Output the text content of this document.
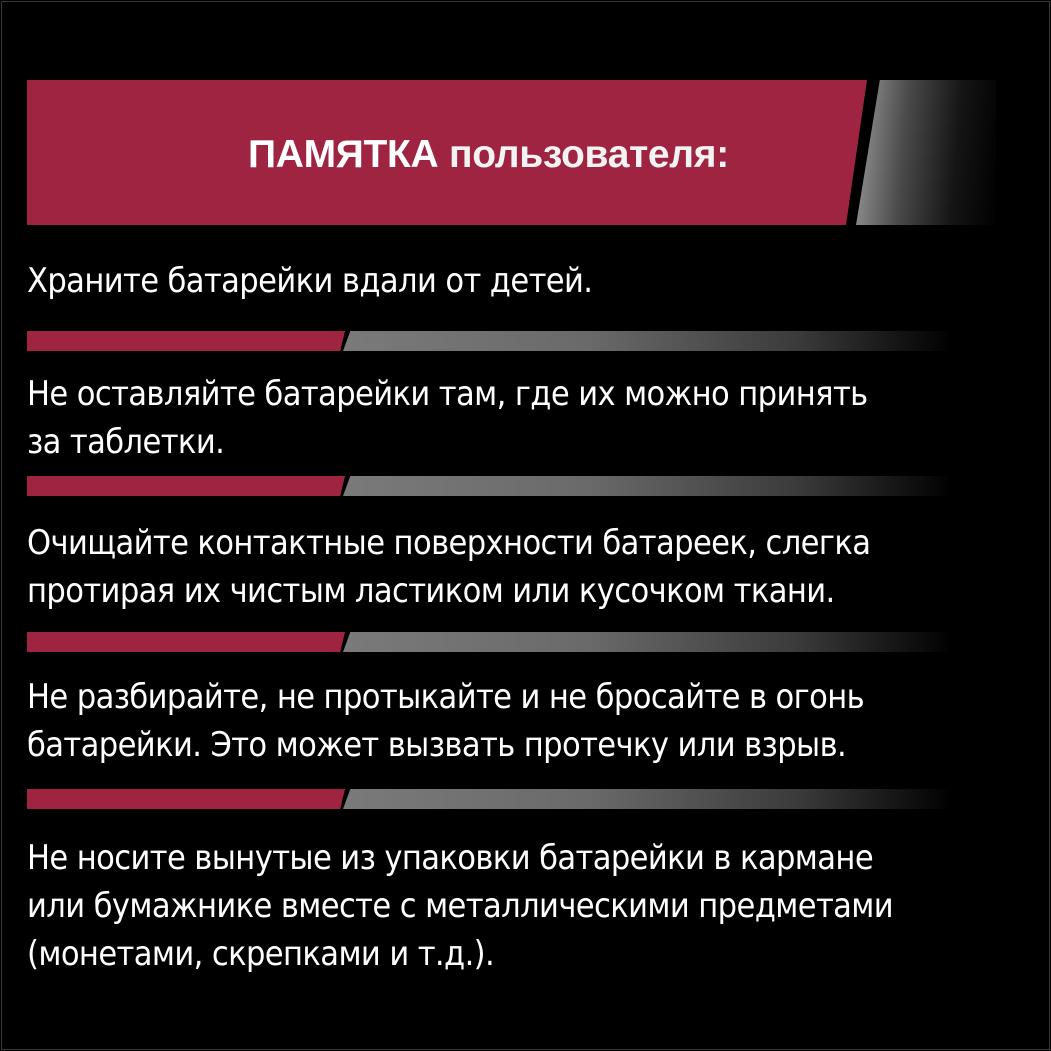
ПАМЯТКА пользователя:
Храните батарейки вдали от детей.
Не оставляйте батарейки там, где их можно принять
за таблетки.
Очищайте контактные поверхности батареек, слегка
протирая их чистым ластиком или кусочком ткани.
Не разбирайте, не протыкайте и не бросайте в огонь
батарейки. Это может вызвать протечку или взрыв.
Не носите вынутые из упаковки батарейки в кармане
или бумажнике вместе с металлическими предметами
(монетами, скрепками и т.д.).
